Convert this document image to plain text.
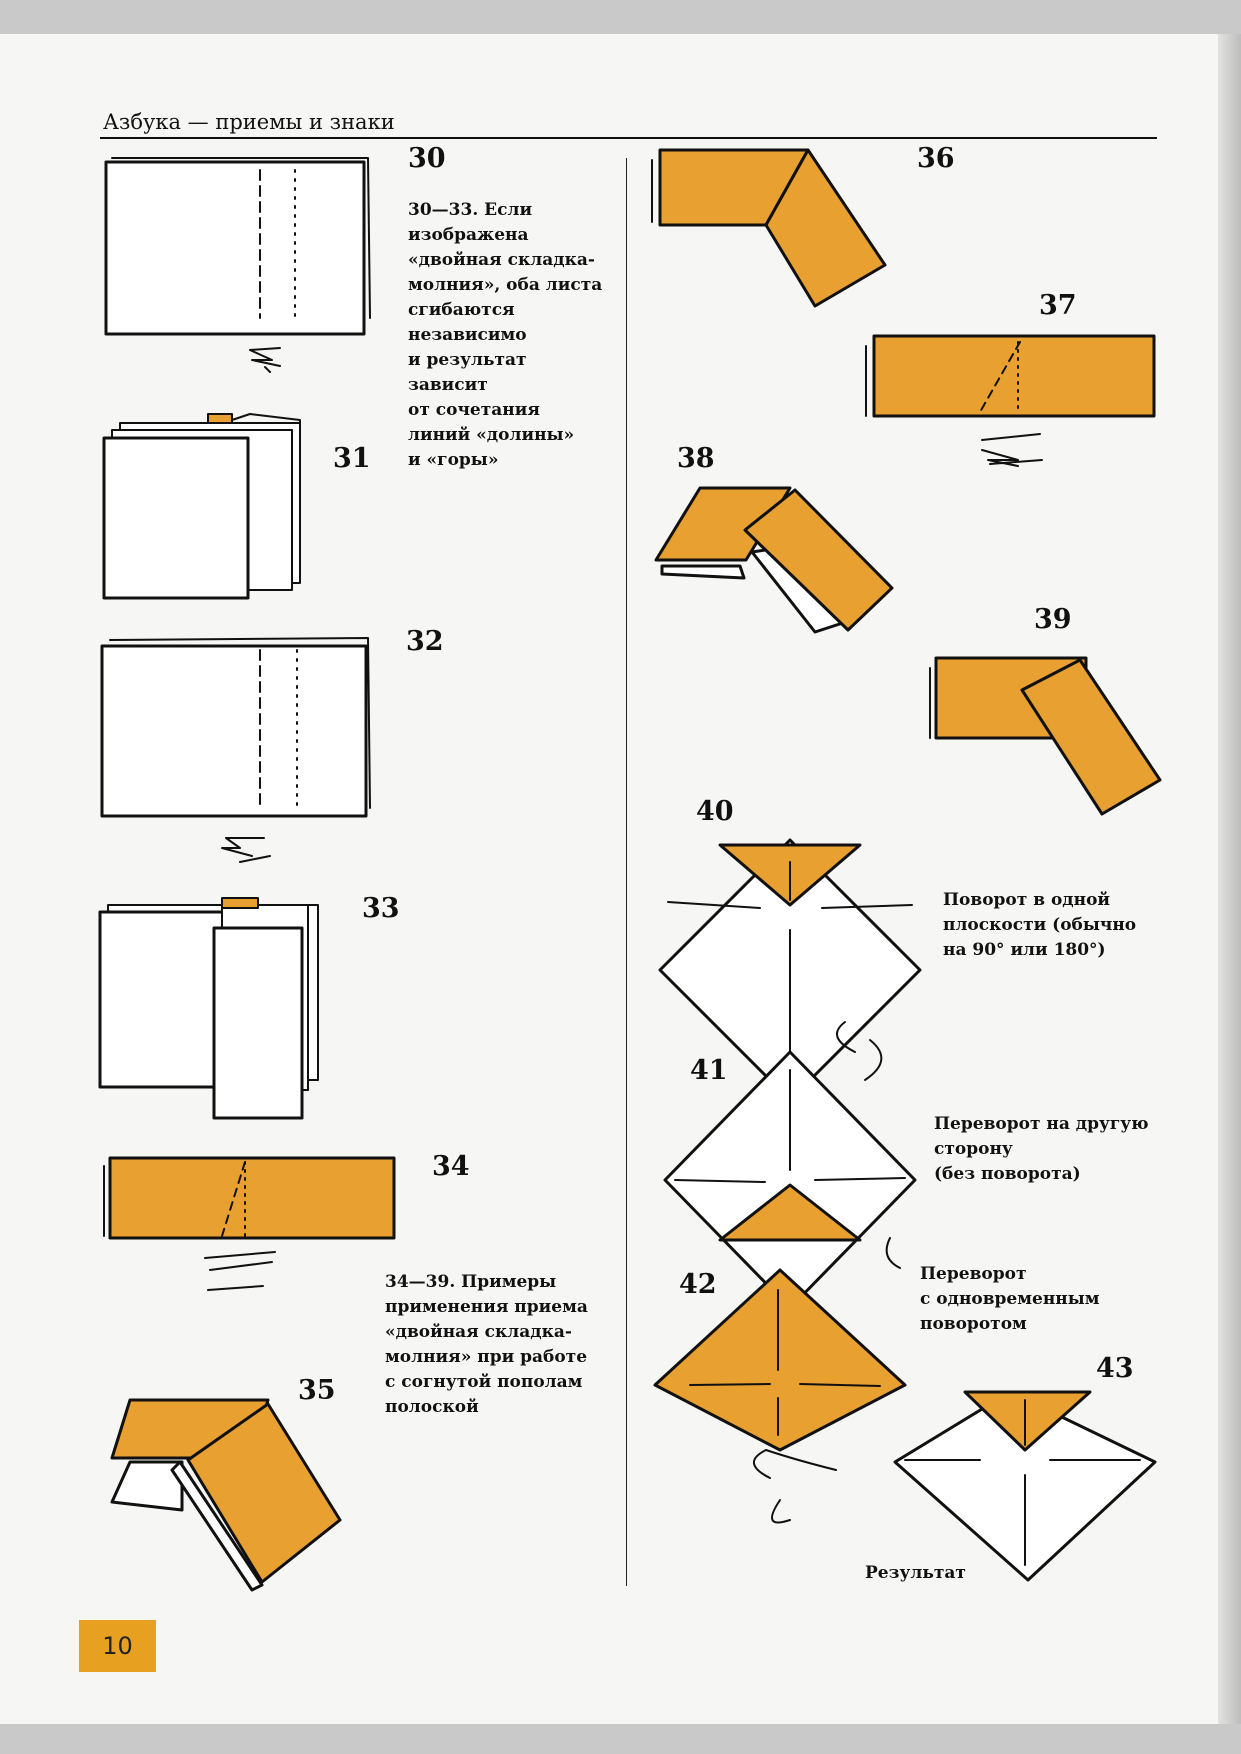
Азбука — приемы и знаки
30
31
32
33
34
35
36
37
38
39
40
41
42
43
30—33. Если
изображена
«двойная складка-
молния», оба листа
сгибаются
независимо
и результат
зависит
от сочетания
линий «долины»
и «горы»
34—39. Примеры
применения приема
«двойная складка-
молния» при работе
с согнутой пополам
полоской
Поворот в одной
плоскости (обычно
на 90° или 180°)
Переворот на другую
сторону
(без поворота)
Переворот
с одновременным
поворотом
Результат
10
